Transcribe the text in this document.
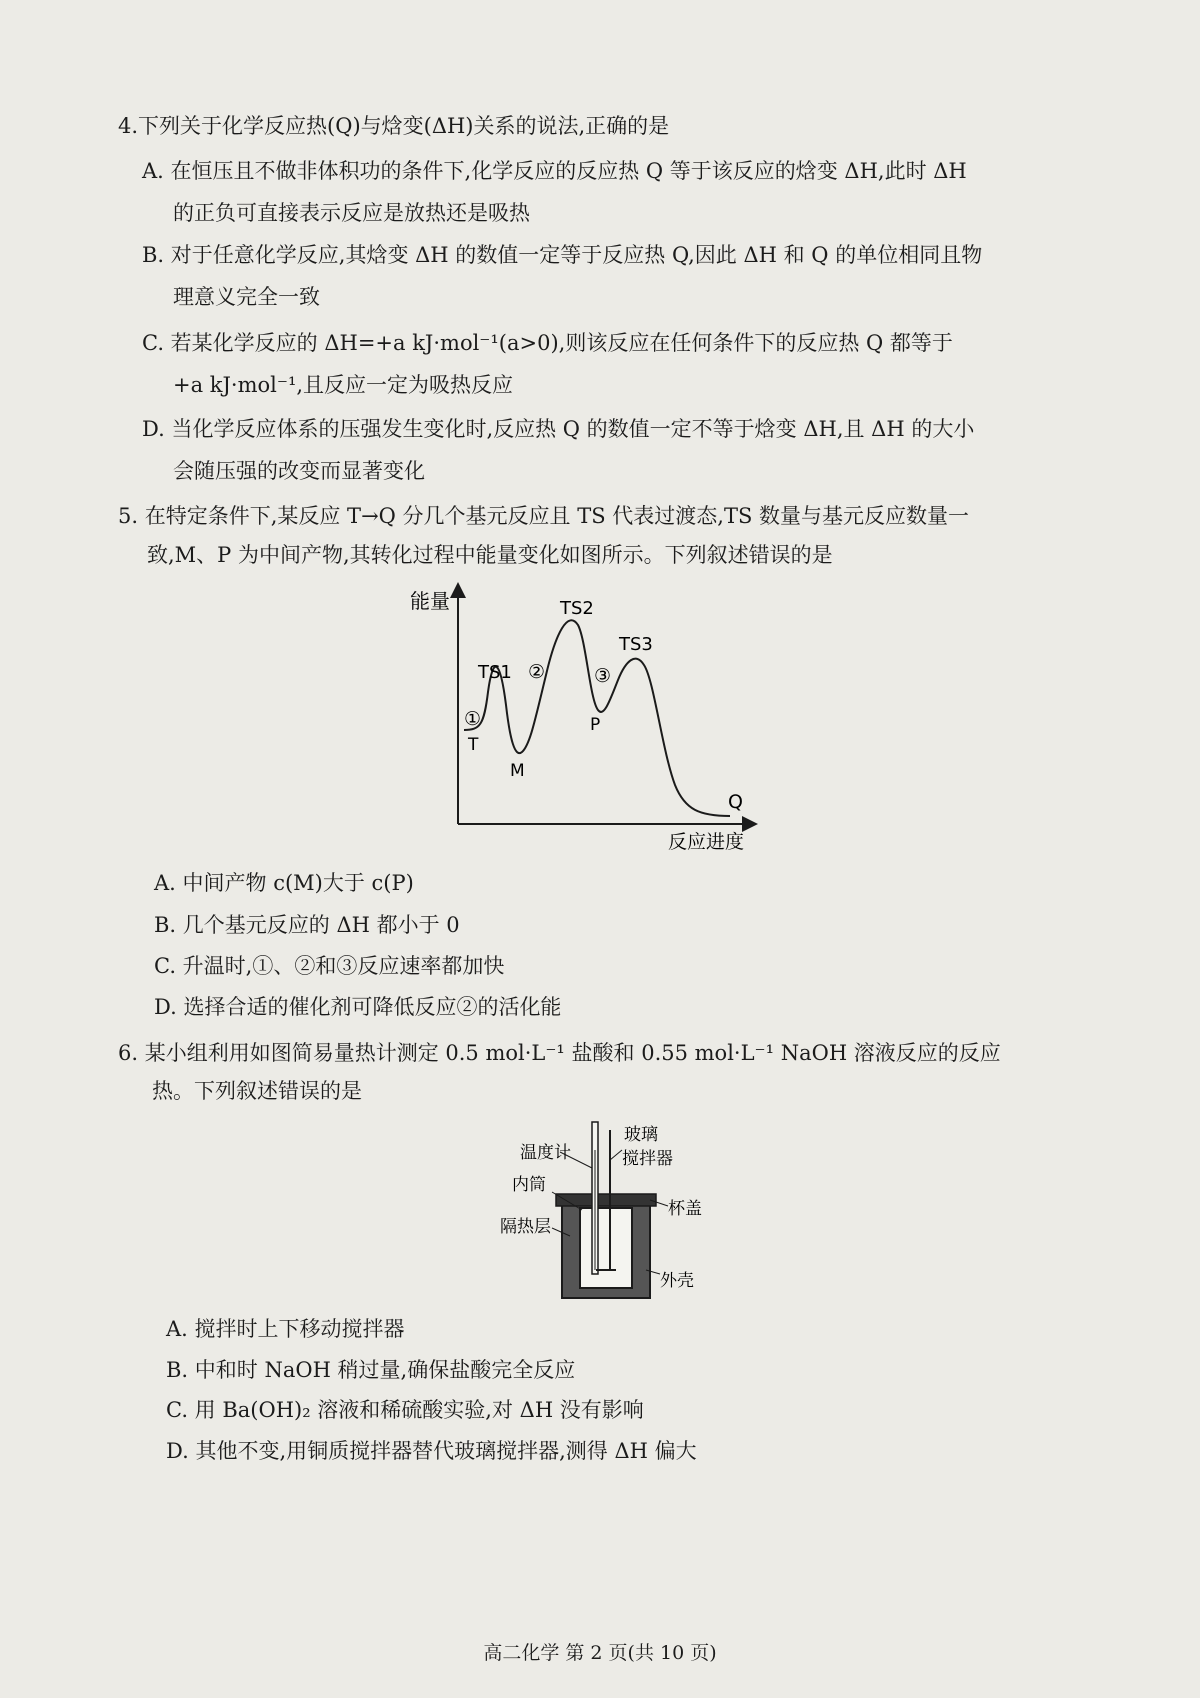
4.下列关于化学反应热(Q)与焓变(ΔH)关系的说法,正确的是
A. 在恒压且不做非体积功的条件下,化学反应的反应热 Q 等于该反应的焓变 ΔH,此时 ΔH
的正负可直接表示反应是放热还是吸热
B. 对于任意化学反应,其焓变 ΔH 的数值一定等于反应热 Q,因此 ΔH 和 Q 的单位相同且物
理意义完全一致
C. 若某化学反应的 ΔH=+a kJ·mol⁻¹(a>0),则该反应在任何条件下的反应热 Q 都等于
+a kJ·mol⁻¹,且反应一定为吸热反应
D. 当化学反应体系的压强发生变化时,反应热 Q 的数值一定不等于焓变 ΔH,且 ΔH 的大小
会随压强的改变而显著变化
5. 在特定条件下,某反应 T→Q 分几个基元反应且 TS 代表过渡态,TS 数量与基元反应数量一
致,M、P 为中间产物,其转化过程中能量变化如图所示。下列叙述错误的是
能量
反应进度
TS1
TS2
TS3
T
M
P
Q
①
②	③
A. 中间产物 c(M)大于 c(P)
B. 几个基元反应的 ΔH 都小于 0
C. 升温时,①、②和③反应速率都加快
D. 选择合适的催化剂可降低反应②的活化能
6. 某小组利用如图简易量热计测定 0.5 mol·L⁻¹ 盐酸和 0.55 mol·L⁻¹ NaOH 溶液反应的反应
热。下列叙述错误的是
温度计
玻璃
搅拌器
内筒
杯盖
隔热层
外壳
A. 搅拌时上下移动搅拌器
B. 中和时 NaOH 稍过量,确保盐酸完全反应
C. 用 Ba(OH)₂ 溶液和稀硫酸实验,对 ΔH 没有影响
D. 其他不变,用铜质搅拌器替代玻璃搅拌器,测得 ΔH 偏大
高二化学 第 2 页(共 10 页)
